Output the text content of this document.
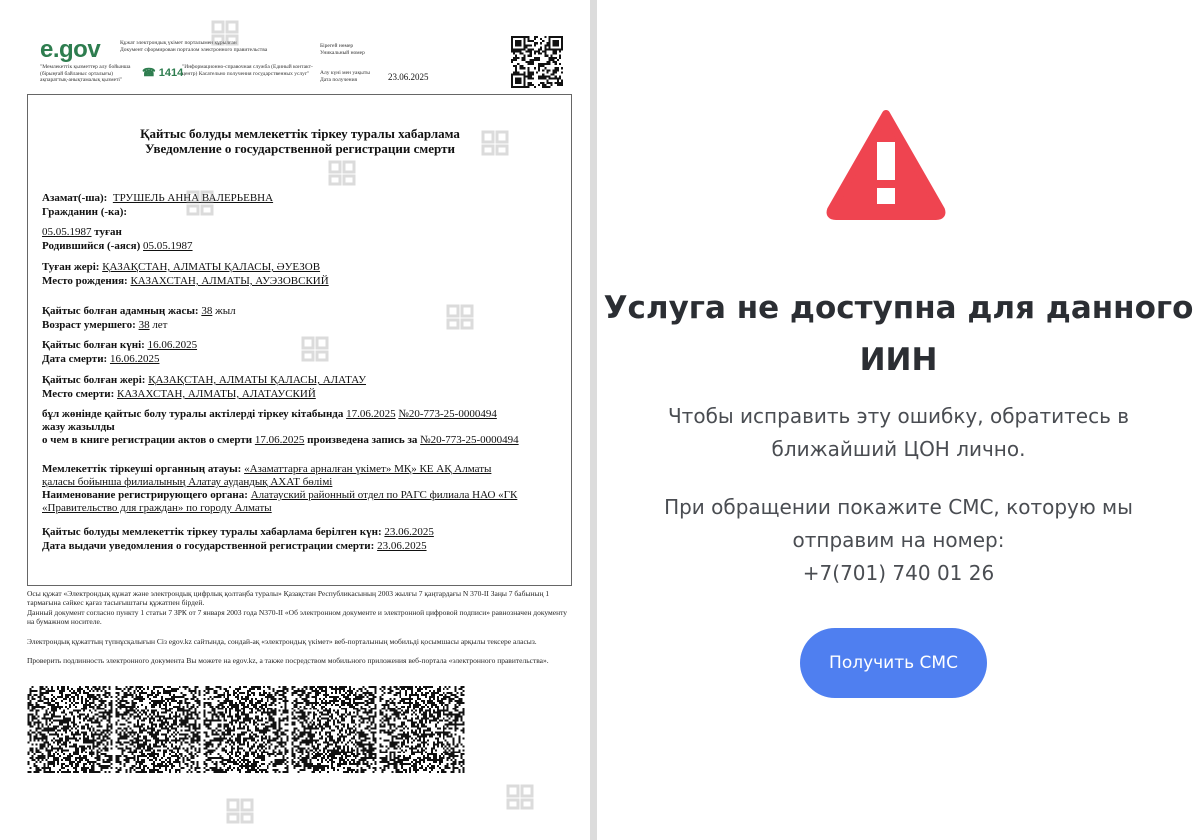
e.gov
"Мемлекеттік қызметтер алу бойынша (бірыңғай байланыс орталығы) ақпараттық-анықтамалық қызметі"
☎ 1414
Құжат электрондық үкімет порталымен құрылған
Документ сформирован порталом электронного правительства
"Информационно-справочная служба (Единый контакт-центр) Касательно получения государственных услуг"
Бірегей нөмер
Уникальный номер
Алу күні мен уақыты
Дата получения	23.06.2025
Қайтыс болуды мемлекеттік тіркеу туралы хабарлама
Уведомление о государственной регистрации смерти
Азамат(-ша): ТРУШЕЛЬ АННА ВАЛЕРЬЕВНА
Гражданин (-ка):
05.05.1987 туған
Родившийся (-аяся) 05.05.1987
Туған жері: ҚАЗАҚСТАН, АЛМАТЫ ҚАЛАСЫ, ӘУЕЗОВ
Место рождения: КАЗАХСТАН, АЛМАТЫ, АУЭЗОВСКИЙ
Қайтыс болған адамның жасы: 38 жыл
Возраст умершего: 38 лет
Қайтыс болған күні: 16.06.2025
Дата смерти: 16.06.2025
Қайтыс болған жері: ҚАЗАҚСТАН, АЛМАТЫ ҚАЛАСЫ, АЛАТАУ
Место смерти: КАЗАХСТАН, АЛМАТЫ, АЛАТАУСКИЙ
бұл жөнінде қайтыс болу туралы актілерді тіркеу кітабында 17.06.2025 №20-773-25-0000494
жазу жазылды
о чем в книге регистрации актов о смерти 17.06.2025 произведена запись за №20-773-25-0000494
Мемлекеттік тіркеуші органның атауы: «Азаматтарға арналған үкімет» МҚ» КЕ АҚ Алматы
қаласы бойынша филиалының Алатау аудандық АХАТ бөлімі
Наименование регистрирующего органа: Алатауский районный отдел по РАГС филиала НАО «ГК
«Правительство для граждан» по городу Алматы
Қайтыс болуды мемлекеттік тіркеу туралы хабарлама берілген күн: 23.06.2025
Дата выдачи уведомления о государственной регистрации смерти: 23.06.2025
Осы құжат «Электрондық құжат және электрондық цифрлық қолтаңба туралы» Қазақстан Республикасының 2003 жылғы 7 қаңтардағы N 370-II Заңы 7 бабының 1 тармағына сәйкес қағаз тасығыштағы құжатпен бірдей.
Данный документ согласно пункту 1 статьи 7 ЗРК от 7 января 2003 года N370-II «Об электронном документе и электронной цифровой подписи» равнозначен документу на бумажном носителе.
Электрондық құжаттың түпнұсқалығын Сіз egov.kz сайтында, сондай-ақ «электрондық үкімет» веб-порталының мобильді қосымшасы арқылы тексере аласыз.
Проверить подлинность электронного документа Вы можете на egov.kz, а также посредством мобильного приложения веб-портала «электронного правительства».
Услуга не доступна для данного
ИИН
Чтобы исправить эту ошибку, обратитесь в
ближайший ЦОН лично.
При обращении покажите СМС, которую мы
отправим на номер:
+7(701) 740 01 26
Получить СМС
